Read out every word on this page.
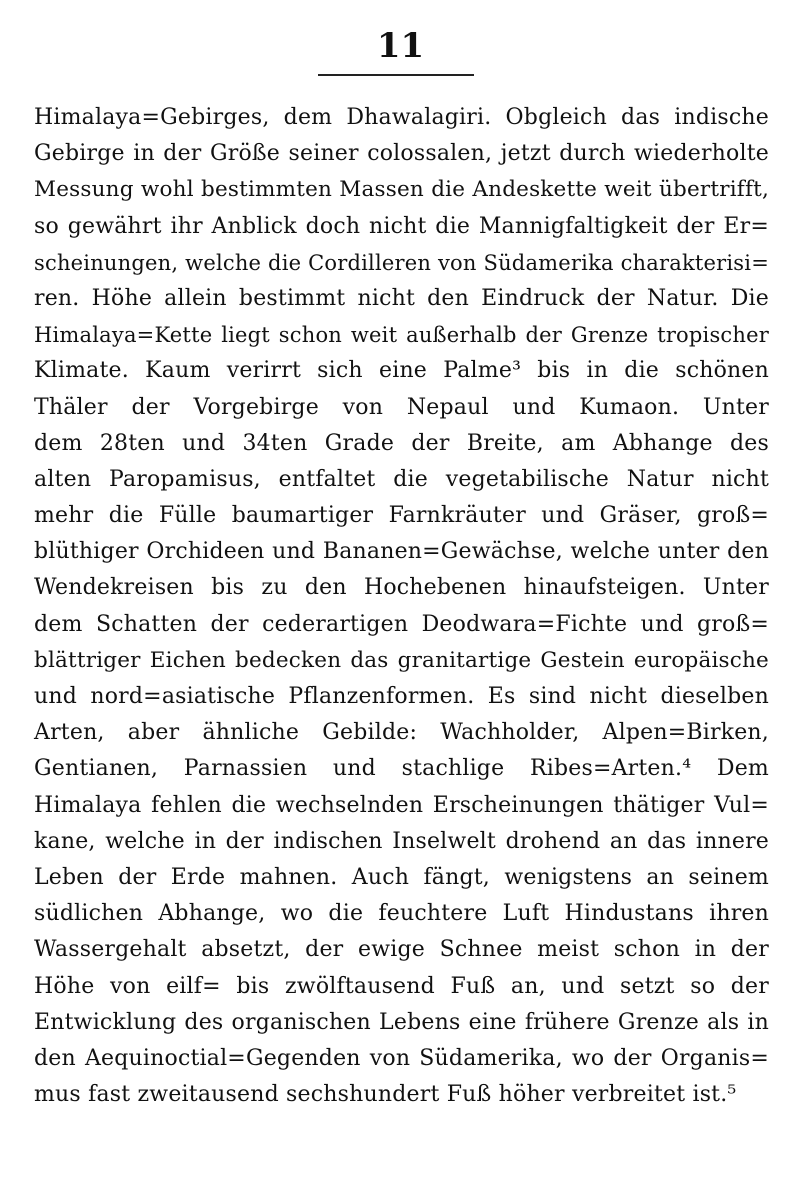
11
Himalaya=Gebirges, dem Dhawalagiri. Obgleich das indische
Gebirge in der Größe seiner colossalen, jetzt durch wiederholte
Messung wohl bestimmten Massen die Andeskette weit übertrifft,
so gewährt ihr Anblick doch nicht die Mannigfaltigkeit der Er=
scheinungen, welche die Cordilleren von Südamerika charakterisi=
ren. Höhe allein bestimmt nicht den Eindruck der Natur. Die
Himalaya=Kette liegt schon weit außerhalb der Grenze tropischer
Klimate. Kaum verirrt sich eine Palme³ bis in die schönen
Thäler der Vorgebirge von Nepaul und Kumaon. Unter
dem 28ten und 34ten Grade der Breite, am Abhange des
alten Paropamisus, entfaltet die vegetabilische Natur nicht
mehr die Fülle baumartiger Farnkräuter und Gräser, groß=
blüthiger Orchideen und Bananen=Gewächse, welche unter den
Wendekreisen bis zu den Hochebenen hinaufsteigen. Unter
dem Schatten der cederartigen Deodwara=Fichte und groß=
blättriger Eichen bedecken das granitartige Gestein europäische
und nord=asiatische Pflanzenformen. Es sind nicht dieselben
Arten, aber ähnliche Gebilde: Wachholder, Alpen=Birken,
Gentianen, Parnassien und stachlige Ribes=Arten.⁴ Dem
Himalaya fehlen die wechselnden Erscheinungen thätiger Vul=
kane, welche in der indischen Inselwelt drohend an das innere
Leben der Erde mahnen. Auch fängt, wenigstens an seinem
südlichen Abhange, wo die feuchtere Luft Hindustans ihren
Wassergehalt absetzt, der ewige Schnee meist schon in der
Höhe von eilf= bis zwölftausend Fuß an, und setzt so der
Entwicklung des organischen Lebens eine frühere Grenze als in
den Aequinoctial=Gegenden von Südamerika, wo der Organis=
mus fast zweitausend sechshundert Fuß höher verbreitet ist.⁵
